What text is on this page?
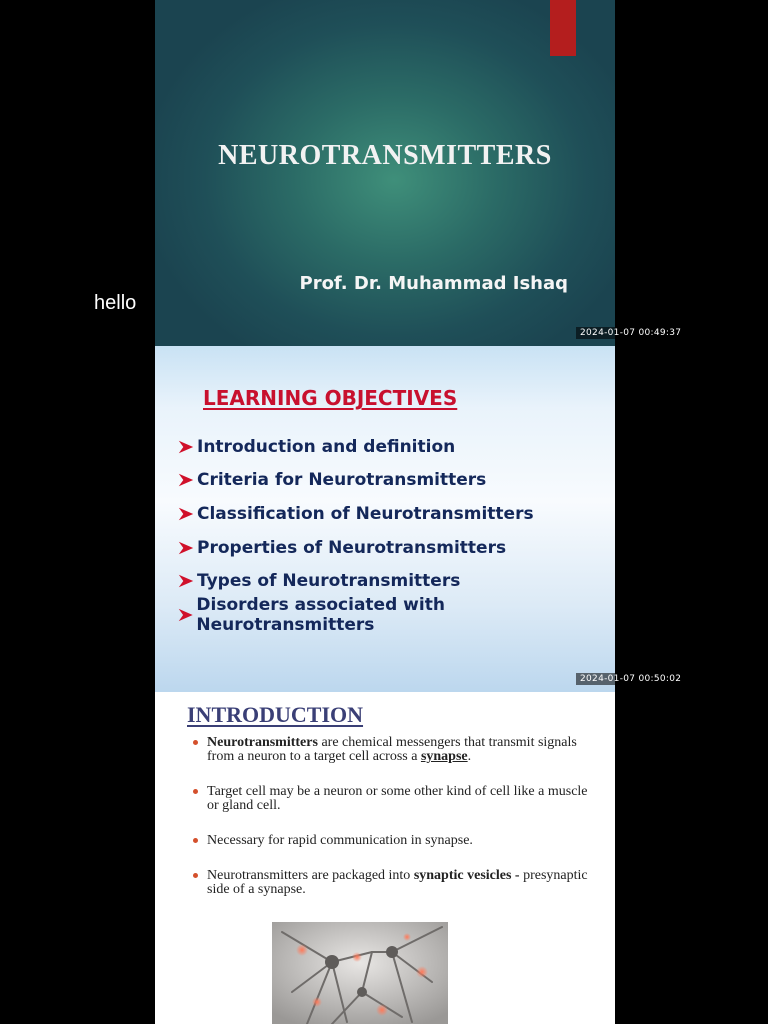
hello
NEUROTRANSMITTERS
Prof. Dr. Muhammad Ishaq
2024-01-07 00:49:37
LEARNING OBJECTIVES
Introduction and definition
Criteria for Neurotransmitters
Classification of Neurotransmitters
Properties of Neurotransmitters
Types of Neurotransmitters
Disorders associated with Neurotransmitters
2024-01-07 00:50:02
INTRODUCTION
Neurotransmitters are chemical messengers that transmit signals from a neuron to a target cell across a synapse.
Target cell may be a neuron or some other kind of cell like a muscle or gland cell.
Necessary for rapid communication in synapse.
Neurotransmitters are packaged into synaptic vesicles - presynaptic side of a synapse.
